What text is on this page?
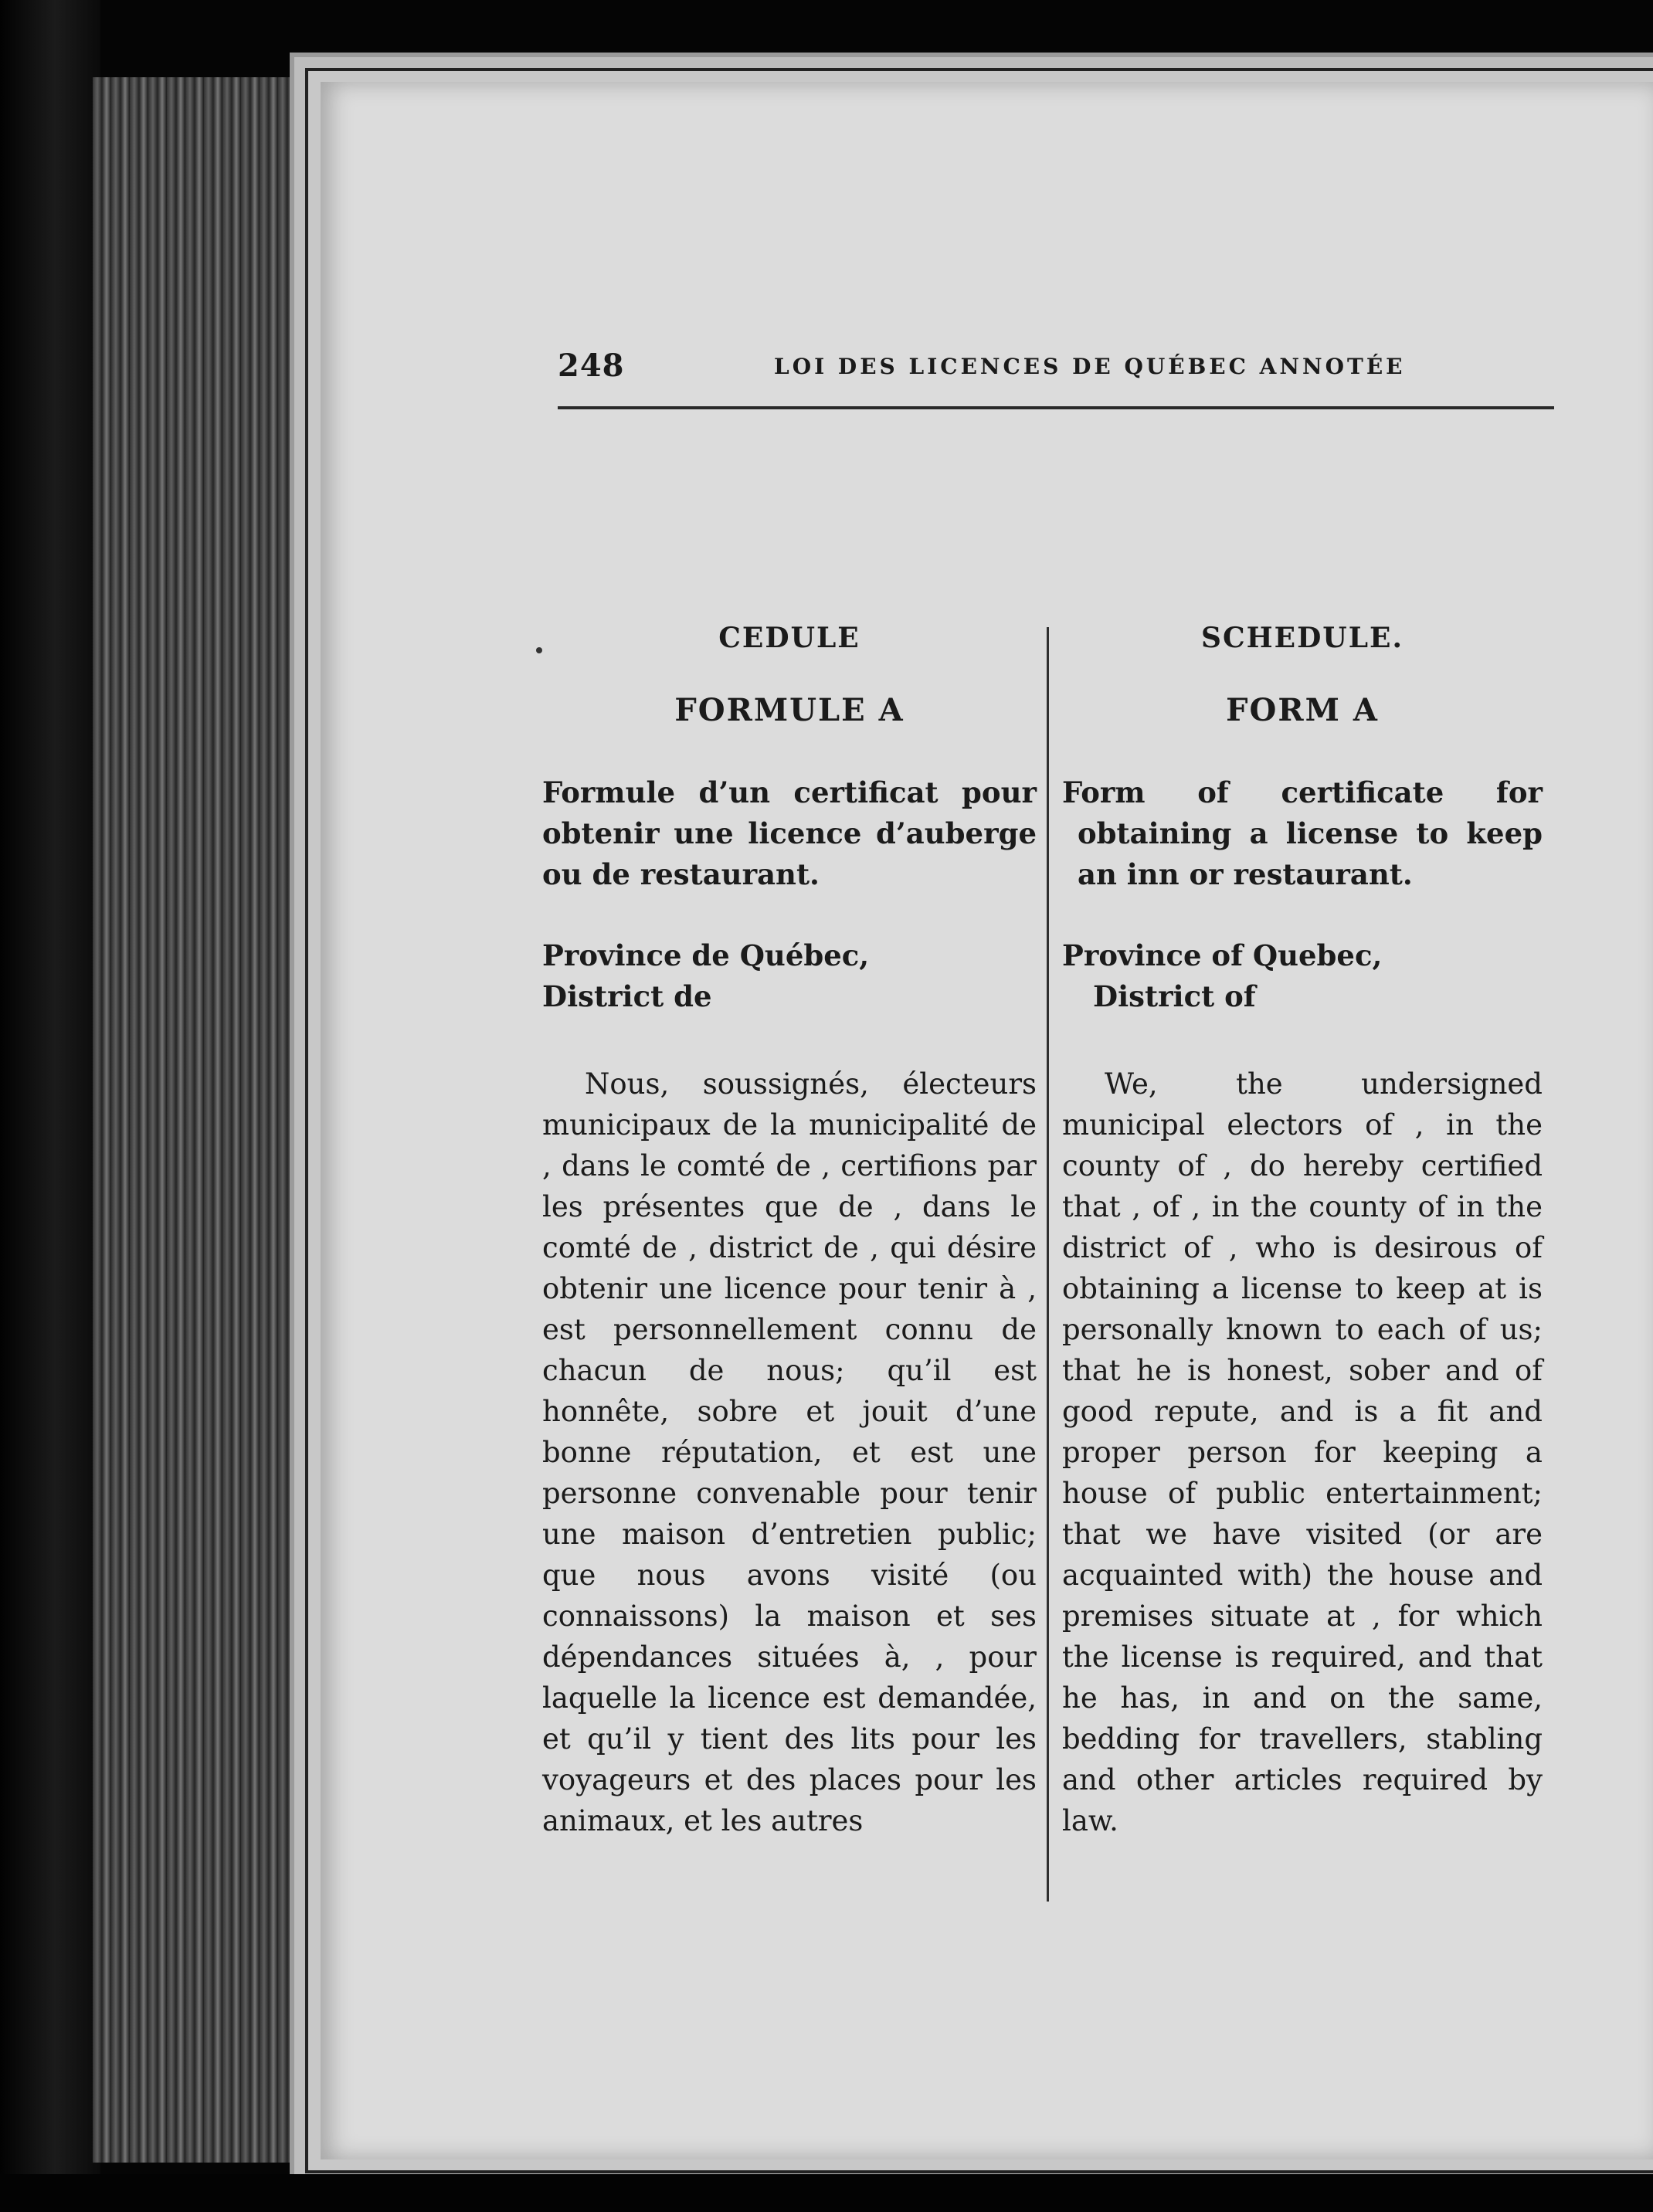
248	LOI DES LICENCES DE QUÉBEC ANNOTÉE
CEDULE
FORMULE A
Formule d’un certificat pour obtenir une licence d’auberge ou de restaurant.
Province de Québec,
District de

Nous, soussignés, électeurs municipaux de la municipalité de , dans le comté de , certifions par les présentes que de , dans le comté de , district de , qui désire obtenir une licence pour tenir à , est personnellement connu de chacun de nous; qu’il est honnête, sobre et jouit d’une bonne réputation, et est une personne convenable pour tenir une maison d’entretien public; que nous avons visité (ou connaissons) la maison et ses dépendances situées à, , pour laquelle la licence est demandée, et qu’il y tient des lits pour les voyageurs et des places pour les animaux, et les autres

SCHEDULE.
FORM A
Form of certificate for obtaining a license to keep an inn or restaurant.
Province of Quebec,
District of

We, the undersigned municipal electors of , in the county of , do hereby certified that , of , in the county of in the district of , who is desirous of obtaining a license to keep at is personally known to each of us; that he is honest, sober and of good repute, and is a fit and proper person for keeping a house of public entertainment; that we have visited (or are acquainted with) the house and premises situate at , for which the license is required, and that he has, in and on the same, bedding for travellers, stabling and other articles required by law.
